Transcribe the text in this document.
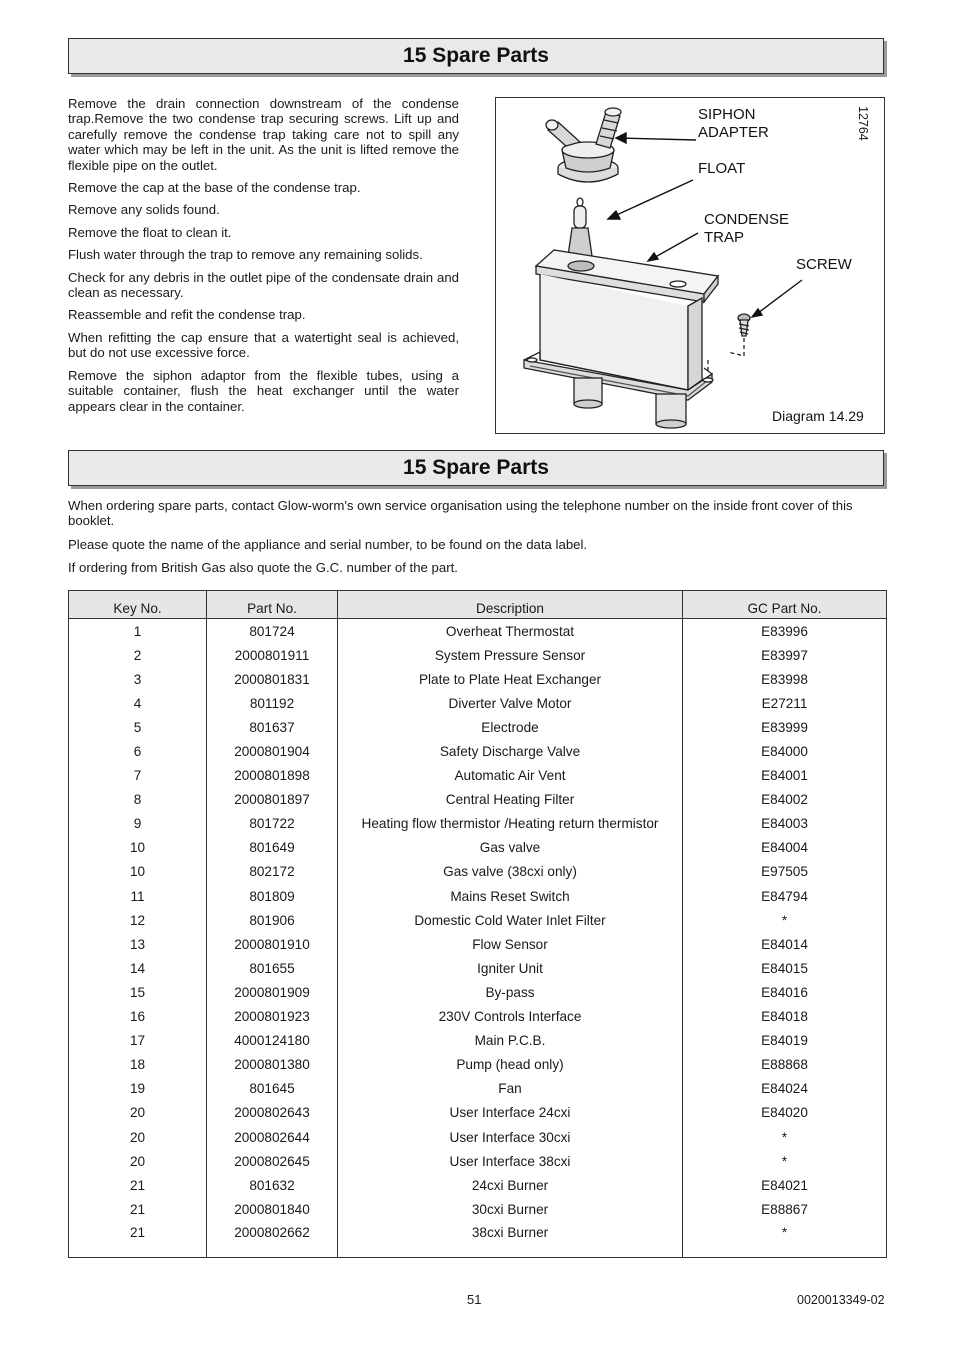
15 Spare Parts

Remove the drain connection downstream of the condense trap.Remove the two condense trap securing screws. Lift up and carefully remove the condense trap taking care not to spill any water which may be left in the unit. As the unit is lifted remove the flexible pipe on the outlet.

Remove the cap at the base of the condense trap.

Remove any solids found.

Remove the float to clean it.

Flush water through the trap to remove any remaining solids.

Check for any debris in the outlet pipe of the condensate drain and clean as necessary.

Reassemble and refit the condense trap.

When refitting the cap ensure that a watertight seal is achieved, but do not use excessive force.

Remove the siphon adaptor from the flexible tubes, using a suitable container, flush the heat exchanger until the water appears clear in the container.

SIPHON
ADAPTER
FLOAT
CONDENSE
TRAP
SCREW
12764
Diagram 14.29
15 Spare Parts

When ordering spare parts, contact Glow-worm's own service organisation using the telephone number on the inside front cover of this booklet.

Please quote the name of the appliance and serial number, to be found on the data label.

If ordering from British Gas also quote the G.C. number of the part.

Key No.	Part No.	Description	GC Part No.
1	801724	Overheat Thermostat	E83996
2	2000801911	System Pressure Sensor	E83997
3	2000801831	Plate to Plate Heat Exchanger	E83998
4	801192	Diverter Valve Motor	E27211
5	801637	Electrode	E83999
6	2000801904	Safety Discharge Valve	E84000
7	2000801898	Automatic Air Vent	E84001
8	2000801897	Central Heating Filter	E84002
9	801722	Heating flow thermistor /Heating return thermistor	E84003
10	801649	Gas valve	E84004
10	802172	Gas valve (38cxi only)	E97505
11	801809	Mains Reset Switch	E84794
12	801906	Domestic Cold Water Inlet Filter	*
13	2000801910	Flow Sensor	E84014
14	801655	Igniter Unit	E84015
15	2000801909	By-pass	E84016
16	2000801923	230V Controls Interface	E84018
17	4000124180	Main P.C.B.	E84019
18	2000801380	Pump (head only)	E88868
19	801645	Fan	E84024
20	2000802643	User Interface 24cxi	E84020
20	2000802644	User Interface 30cxi	*
20	2000802645	User Interface 38cxi	*
21	801632	24cxi Burner	E84021
21	2000801840	30cxi Burner	E88867
21	2000802662	38cxi Burner	*
51	0020013349-02
